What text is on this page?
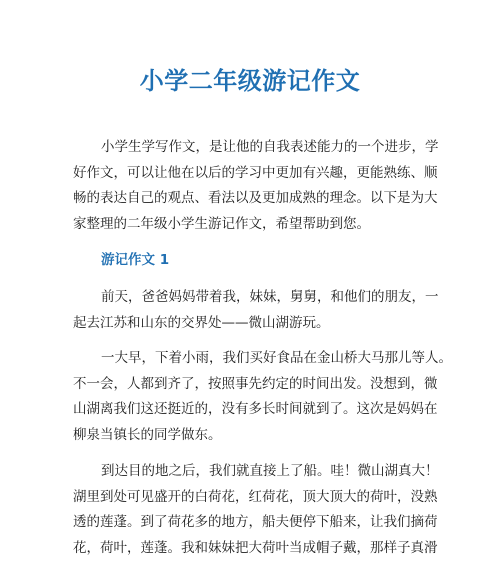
小学二年级游记作文
小学生学写作文，是让他的自我表述能力的一个进步，学
好作文，可以让他在以后的学习中更加有兴趣，更能熟练、顺
畅的表达自己的观点、看法以及更加成熟的理念。以下是为大
家整理的二年级小学生游记作文，希望帮助到您。
游记作文 1
前天，爸爸妈妈带着我，妹妹，舅舅，和他们的朋友，一
起去江苏和山东的交界处——微山湖游玩。
一大早，下着小雨，我们买好食品在金山桥大马那儿等人。
不一会，人都到齐了，按照事先约定的时间出发。没想到，微
山湖离我们这还挺近的，没有多长时间就到了。这次是妈妈在
柳泉当镇长的同学做东。
到达目的地之后，我们就直接上了船。哇！微山湖真大！
湖里到处可见盛开的白荷花，红荷花，顶大顶大的荷叶，没熟
透的莲蓬。到了荷花多的地方，船夫便停下船来，让我们摘荷
花，荷叶，莲蓬。我和妹妹把大荷叶当成帽子戴，那样子真滑
